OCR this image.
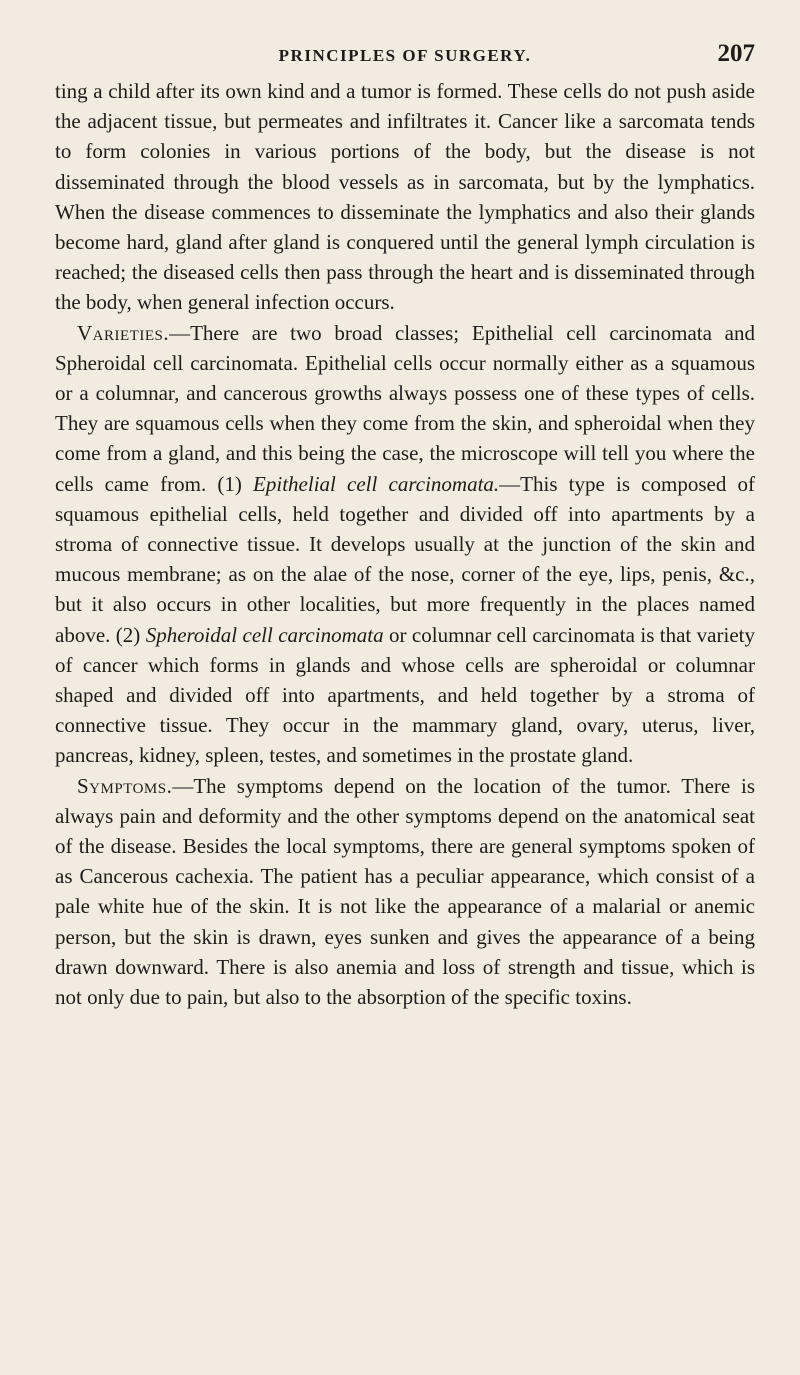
PRINCIPLES OF SURGERY.	207

ting a child after its own kind and a tumor is formed. These cells do not push aside the adjacent tissue, but permeates and infiltrates it. Cancer like a sarcomata tends to form colonies in various portions of the body, but the disease is not disseminated through the blood vessels as in sarcomata, but by the lymphatics. When the disease commences to disseminate the lymphatics and also their glands become hard, gland after gland is conquered until the general lymph circulation is reached; the diseased cells then pass through the heart and is disseminated through the body, when general infection occurs.

Varieties.—There are two broad classes; Epithelial cell carcinomata and Spheroidal cell carcinomata. Epithelial cells occur normally either as a squamous or a columnar, and cancerous growths always possess one of these types of cells. They are squamous cells when they come from the skin, and spheroidal when they come from a gland, and this being the case, the microscope will tell you where the cells came from. (1) Epithelial cell carcinomata.—This type is composed of squamous epithelial cells, held together and divided off into apartments by a stroma of connective tissue. It develops usually at the junction of the skin and mucous membrane; as on the alae of the nose, corner of the eye, lips, penis, &c., but it also occurs in other localities, but more frequently in the places named above. (2) Spheroidal cell carcinomata or columnar cell carcinomata is that variety of cancer which forms in glands and whose cells are spheroidal or columnar shaped and divided off into apartments, and held together by a stroma of connective tissue. They occur in the mammary gland, ovary, uterus, liver, pancreas, kidney, spleen, testes, and sometimes in the prostate gland.

Symptoms.—The symptoms depend on the location of the tumor. There is always pain and deformity and the other symptoms depend on the anatomical seat of the disease. Besides the local symptoms, there are general symptoms spoken of as Cancerous cachexia. The patient has a peculiar appearance, which consist of a pale white hue of the skin. It is not like the appearance of a malarial or anemic person, but the skin is drawn, eyes sunken and gives the appearance of a being drawn downward. There is also anemia and loss of strength and tissue, which is not only due to pain, but also to the absorption of the specific toxins.
